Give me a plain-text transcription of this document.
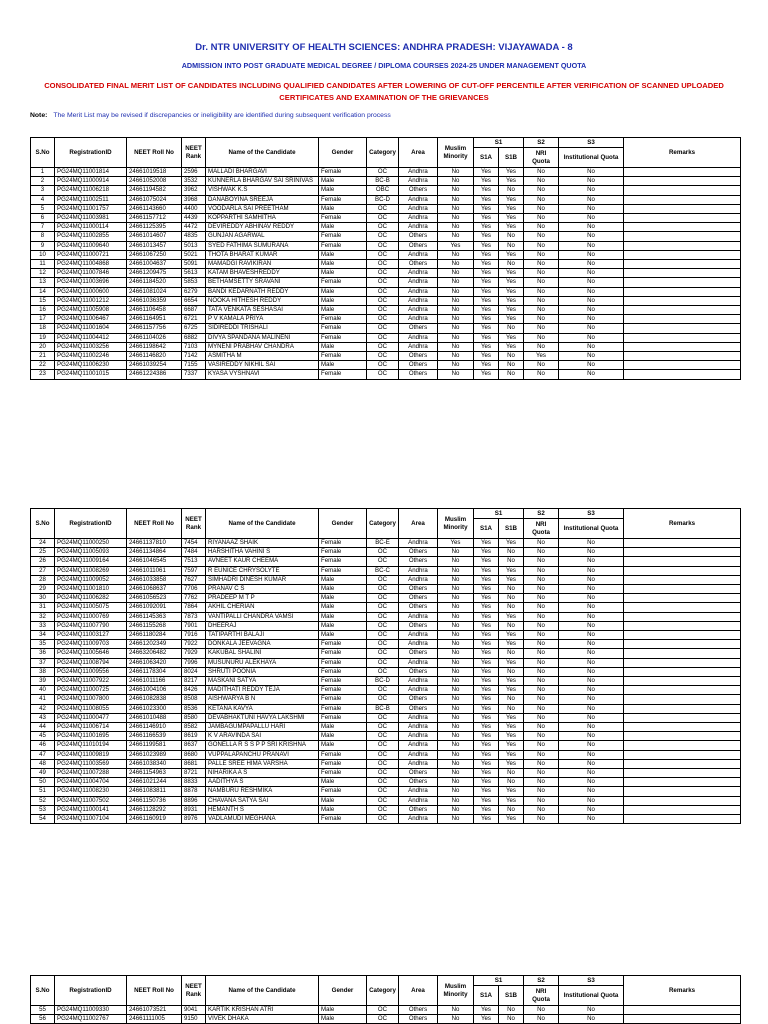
Dr. NTR UNIVERSITY OF HEALTH SCIENCES: ANDHRA PRADESH: VIJAYAWADA - 8
ADMISSION INTO POST GRADUATE MEDICAL DEGREE / DIPLOMA COURSES 2024-25 UNDER MANAGEMENT QUOTA
CONSOLIDATED FINAL MERIT LIST OF CANDIDATES INCLUDING QUALIFIED CANDIDATES AFTER LOWERING OF CUT-OFF PERCENTILE AFTER VERIFICATION OF SCANNED UPLOADED CERTIFICATES AND EXAMINATION OF THE GRIEVANCES
Note: The Merit List may be revised if discrepancies or ineligibility are identified during subsequent verification process
S.No	RegistrationID	NEET Roll No	NEET Rank	Name of the Candidate	Gender	Category	Area	Muslim Minority	S1		S2	S3	Remarks
									S1A	S1B	NRI Quota	Institutional Quota	
1	PG24MQ11001814	24661019518	2596	MALLADI BHARGAVI	Female	OC	Andhra	No	Yes	Yes	No	No	
2	PG24MQ11000914	24661052008	3532	KUNNERLA BHARGAV SAI SRINIVAS	Male	BC-B	Andhra	No	Yes	Yes	No	No	
3	PG24MQ11006218	24661194582	3962	VISHWAK K.S	Male	OBC	Others	No	Yes	No	No	No	
4	PG24MQ11002511	24661075024	3968	DANABOYINA SREEJA	Female	BC-D	Andhra	No	Yes	Yes	No	No	
5	PG24MQ11001757	24661143660	4400	VOODARLA SAI PREETHAM	Male	OC	Andhra	No	Yes	Yes	No	No	
6	PG24MQ11003981	24661157712	4439	KOPPARTHI SAMHITHA	Female	OC	Andhra	No	Yes	Yes	No	No	
7	PG24MQ11000114	24661125395	4472	DEVIREDDY ABHINAV REDDY	Male	OC	Andhra	No	Yes	Yes	No	No	
8	PG24MQ11002855	24661014607	4835	GUNJAN AGARWAL	Female	OC	Others	No	Yes	No	No	No	
9	PG24MQ11009640	24661013457	5013	SYED FATHIMA SUMURANA	Female	OC	Others	Yes	Yes	No	No	No	
10	PG24MQ11000721	24661067250	5021	THOTA BHARAT KUMAR	Male	OC	Andhra	No	Yes	Yes	No	No	
11	PG24MQ11004868	24661004637	5091	MAMADGI RAVIKIRAN	Male	OC	Others	No	Yes	No	No	No	
12	PG24MQ11007846	24661209475	5613	KATAM BHAVESHREDDY	Male	OC	Andhra	No	Yes	Yes	No	No	
13	PG24MQ11003696	24661184520	5853	BETHAMSETTY SRAVANI	Female	OC	Andhra	No	Yes	Yes	No	No	
14	PG24MQ11000600	24661081024	6279	BANDI KEDARNATH REDDY	Male	OC	Andhra	No	Yes	Yes	No	No	
15	PG24MQ11001212	24661036359	6654	NOOKA HITHESH REDDY	Male	OC	Andhra	No	Yes	Yes	No	No	
16	PG24MQ11005908	24661106458	6687	TATA VENKATA SESHASAI	Male	OC	Andhra	No	Yes	Yes	No	No	
17	PG24MQ11006467	24661164951	6721	P V KAMALA PRIYA	Female	OC	Andhra	No	Yes	Yes	No	No	
18	PG24MQ11001604	24661157756	6725	SIDIREDDI TRISHALI	Female	OC	Others	No	Yes	No	No	No	
19	PG24MQ11004412	24661104026	6882	DIVYA SPANDANA MALINENI	Female	OC	Andhra	No	Yes	Yes	No	No	
20	PG24MQ11003256	24661198642	7103	MYNENI PRABHAV CHANDRA	Male	OC	Andhra	No	Yes	Yes	No	No	
21	PG24MQ11002246	24661146820	7142	ASMITHA M	Female	OC	Others	No	Yes	No	Yes	No	
22	PG24MQ11006230	24661039254	7155	VASIREDDY NIKHIL SAI	Male	OC	Others	No	Yes	No	No	No	
23	PG24MQ11001015	24661224386	7337	KYASA VYSHNAVI	Female	OC	Others	No	Yes	No	No	No	
S.No	RegistrationID	NEET Roll No	NEET Rank	Name of the Candidate	Gender	Category	Area	Muslim Minority	S1		S2	S3	Remarks
									S1A	S1B	NRI Quota	Institutional Quota	
24	PG24MQ11000250	24661137810	7454	RIYANAAZ SHAIK	Female	BC-E	Andhra	Yes	Yes	Yes	No	No	
25	PG24MQ11005093	24661134864	7484	HARSHITHA VAHINI S	Female	OC	Others	No	Yes	No	No	No	
26	PG24MQ11009164	24661046545	7513	AVNEET KAUR CHEEMA	Female	OC	Others	No	Yes	No	No	No	
27	PG24MQ11008269	24661011061	7597	R EUNICE CHRYSOLYTE	Female	BC-C	Andhra	No	Yes	Yes	No	No	
28	PG24MQ11009052	24661033858	7627	SIMHADRI DINESH KUMAR	Male	OC	Andhra	No	Yes	Yes	No	No	
29	PG24MQ11001810	24661068637	7706	PRANAV C S	Male	OC	Others	No	Yes	No	No	No	
30	PG24MQ11006282	24661056523	7762	PRADEEP M T P	Male	OC	Others	No	Yes	No	No	No	
31	PG24MQ11005075	24661092091	7864	AKHIL CHERIAN	Male	OC	Others	No	Yes	No	No	No	
32	PG24MQ11000769	24661145363	7873	VANTIPALLI CHANDRA VAMSI	Male	OC	Andhra	No	Yes	Yes	No	No	
33	PG24MQ11007790	24661155268	7901	DHEERAJ	Male	OC	Others	No	Yes	No	No	No	
34	PG24MQ11003127	24661180284	7916	TATIPARTHI BALAJI	Male	OC	Andhra	No	Yes	Yes	No	No	
35	PG24MQ11009703	24661202349	7922	DONKALA JEEVAGNA	Female	OC	Andhra	No	Yes	Yes	No	No	
36	PG24MQ11005646	24663206482	7929	KAKUBAL SHALINI	Female	OC	Others	No	Yes	No	No	No	
37	PG24MQ11008794	24661063420	7996	MUSUNURU ALEKHAYA	Female	OC	Andhra	No	Yes	Yes	No	No	
38	PG24MQ11009556	24661178304	8024	SHRUTI POONIA	Female	OC	Others	No	Yes	No	No	No	
39	PG24MQ11007922	24661011166	8217	MASKANI SATYA	Female	BC-D	Andhra	No	Yes	Yes	No	No	
40	PG24MQ11000725	24661004106	8426	MADITHATI REDDY TEJA	Female	OC	Andhra	No	Yes	Yes	No	No	
41	PG24MQ11007800	24661082838	8508	AISHWARYA B N	Female	OC	Others	No	Yes	No	No	No	
42	PG24MQ11008055	24661023300	8536	KETANA KAVYA	Female	BC-B	Others	No	Yes	No	No	No	
43	PG24MQ11000477	24661010488	8580	DEVABHAKTUNI HAVYA LAKSHMI	Female	OC	Andhra	No	Yes	Yes	No	No	
44	PG24MQ11006714	24661146910	8582	JAMBAGUMPAPALLU HARI	Male	OC	Andhra	No	Yes	Yes	No	No	
45	PG24MQ11001695	24661166539	8619	K V ARAVINDA SAI	Male	OC	Andhra	No	Yes	Yes	No	No	
46	PG24MQ11010194	24661199581	8637	GONELLA R S S P P SRI KRISHNA	Male	OC	Andhra	No	Yes	Yes	No	No	
47	PG24MQ11009819	24661023989	8680	VUPPALAPANCHU PRANAVI	Female	OC	Andhra	No	Yes	Yes	No	No	
48	PG24MQ11003569	24661038340	8681	PALLE SREE HIMA VARSHA	Female	OC	Andhra	No	Yes	Yes	No	No	
49	PG24MQ11007288	24661154963	8721	NIHARIKA A S	Female	OC	Others	No	Yes	No	No	No	
50	PG24MQ11004704	24661021244	8833	AADITHYA S	Male	OC	Others	No	Yes	No	No	No	
51	PG24MQ11008230	24661083811	8878	NAMBURU RESHMIKA	Female	OC	Andhra	No	Yes	Yes	No	No	
52	PG24MQ11007502	24661150736	8896	CHAVANA SATYA SAI	Male	OC	Andhra	No	Yes	Yes	No	No	
53	PG24MQ11000141	24661128292	8931	HEMANTH S	Male	OC	Others	No	Yes	No	No	No	
54	PG24MQ11007104	24661160919	8976	VADLAMUDI MEGHANA	Female	OC	Andhra	No	Yes	Yes	No	No	
S.No	RegistrationID	NEET Roll No	NEET Rank	Name of the Candidate	Gender	Category	Area	Muslim Minority	S1		S2	S3	Remarks
									S1A	S1B	NRI Quota	Institutional Quota	
55	PG24MQ11009330	24661073521	9041	KARTIK KRISHAN ATRI	Male	OC	Others	No	Yes	No	No	No	
56	PG24MQ11002767	24661111005	9150	VIVEK DHAKA	Male	OC	Others	No	Yes	No	No	No	
